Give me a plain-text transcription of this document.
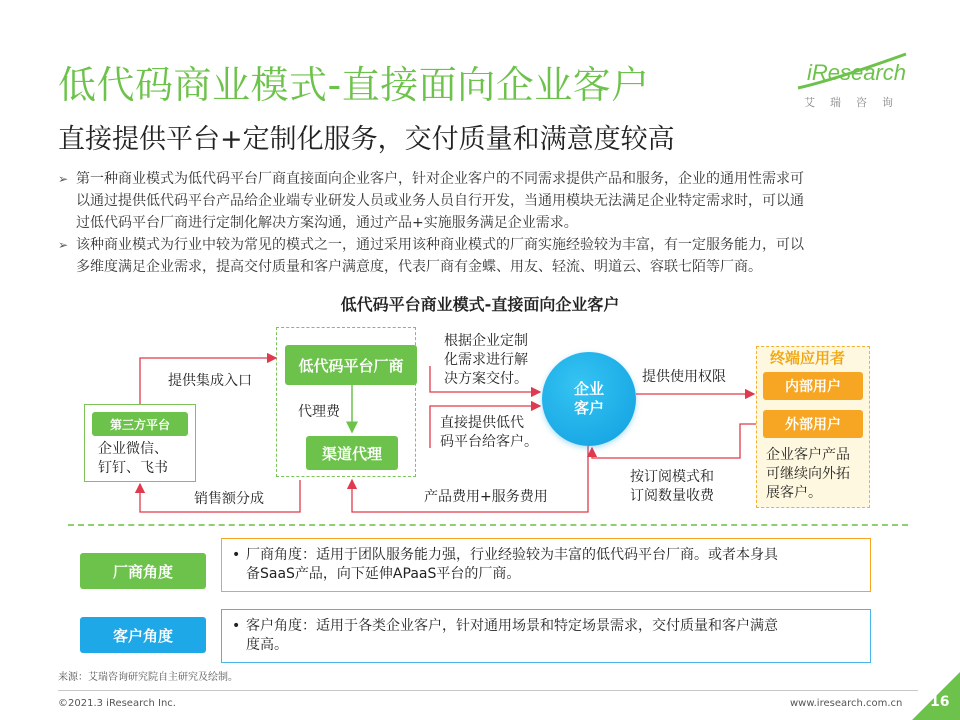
低代码商业模式-直接面向企业客户
直接提供平台+定制化服务，交付质量和满意度较高
iResearch
艾瑞咨询
➢ 第一种商业模式为低代码平台厂商直接面向企业客户，针对企业客户的不同需求提供产品和服务，企业的通用性需求可
以通过提供低代码平台产品给企业端专业研发人员或业务人员自行开发，当通用模块无法满足企业特定需求时，可以通
过低代码平台厂商进行定制化解决方案沟通，通过产品+实施服务满足企业需求。
➢ 该种商业模式为行业中较为常见的模式之一，通过采用该种商业模式的厂商实施经验较为丰富，有一定服务能力，可以
多维度满足企业需求，提高交付质量和客户满意度，代表厂商有金蝶、用友、轻流、明道云、容联七陌等厂商。
低代码平台商业模式-直接面向企业客户
低代码平台厂商
代理费
渠道代理
第三方平台
企业微信、
钉钉、飞书
提供集成入口
根据企业定制
化需求进行解
决方案交付。
直接提供低代
码平台给客户。
企业
客户
提供使用权限
终端应用者
内部用户
外部用户
企业客户产品
可继续向外拓
展客户。
按订阅模式和
订阅数量收费
销售额分成	产品费用+服务费用
厂商角度
• 厂商角度：适用于团队服务能力强，行业经验较为丰富的低代码平台厂商。或者本身具
备SaaS产品，向下延伸APaaS平台的厂商。
客户角度
• 客户角度：适用于各类企业客户，针对通用场景和特定场景需求，交付质量和客户满意
度高。
来源：艾瑞咨询研究院自主研究及绘制。
©2021.3 iResearch Inc.	www.iresearch.com.cn 16
